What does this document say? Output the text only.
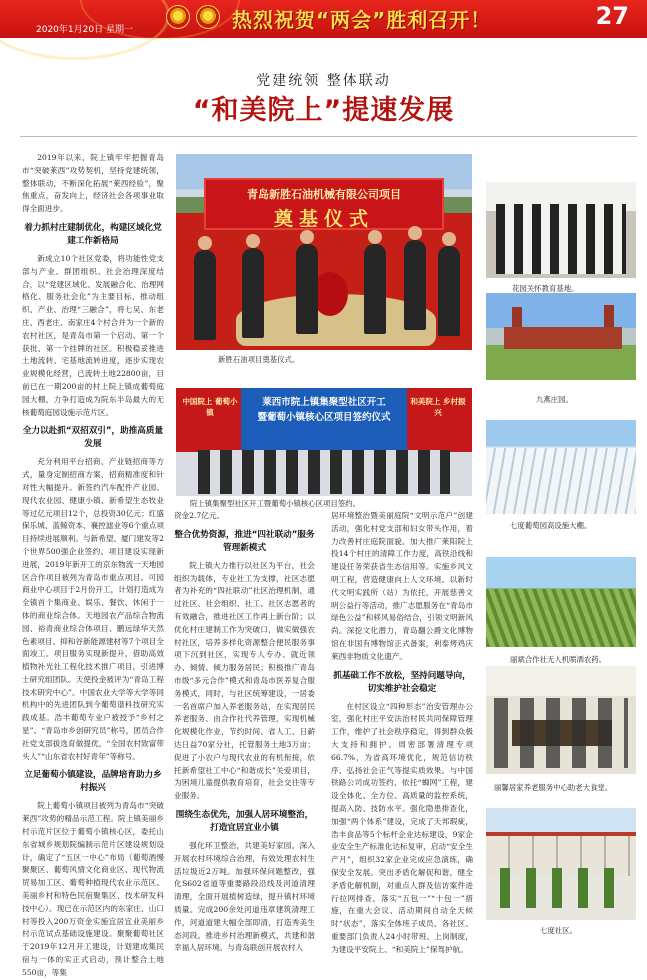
热烈祝贺“两会”胜利召开！	27
2020年1月20日 星期一
党建统领 整体联动
“和美院上”提速发展

2019年以来，院上镇牢牢把握青岛市“突破莱西”攻势契机，坚持党建统领，整体联动，不断深化拓展“莱西经验”，聚焦重点，奋发向上，经济社会各项事业取得全面进步。

着力抓村庄建制优化，构建区域化党建工作新格局

新成立10个社区党委，将功能性党支部与产业、群团组织、社会治理深度结合，以“党建区域化、发展融合化、治理网格化、服务社会化”为主要目标，推动组织、产业、治理“三融合”，将七吴、东老庄、西老庄、南家庄4个村合并为一个新的农村社区，是青岛市第一个启动、第一个获批、第一个挂牌的社区。积极稳妥推进土地流转、宅基地流转进度，逐步实现农业规模化经营，已流转土地22800亩，目前已在一期200亩的村上院上镇成葡萄庭园大棚，力争打造成为院东半岛最大的无核葡萄庭园设施示范片区。

全力以赴抓“双招双引”，助推高质量发展

充分利用平台招商、产业链招商等方式，量身定制招商方案，招商精准度和针对性大幅提升。新签约汽车配件产业园、现代农业园、健康小镇、新希望生态牧业等过亿元项目12个，总投资30亿元；红盛保乐城、蓝鲸资本、襄控滤业等6个重点项目持续进展顺利。与新希望、厦门建发等2个世界500强企业签约。项目建设实现新进展，2019年新开工的京东物流一天地园区合作项目被列为青岛市重点项目。可园商业中心项目于2月份开工，计划打造成为全镇首个集商业、娱乐、餐饮、休闲于一体的商业综合体。天地园农产品综合物流园、裕青商业综合体项目、鹏远绿华天然色素项目、抑和谷新能源建材等7个项目全面竣工。项目服务实现新提升，借助高效植物补光社工程化技术推广项目，引进博士研究组团队。天使投金被评为“青岛工程技术研究中心”。中国农业大学等大学等同机构中的先进团队到今葡萄谱科技研究实践成基。浩丰葡萄专业户被授予“乡村之星”、“青岛市乡创研究员”称号，团员合作社党支部拔选育做提优，“全国农村致富带头人”“山东省农村好青年”等称号。

立足葡萄小镇建设，品牌培育助力乡村振兴

院上葡萄小镇项目被列为青岛市“突破莱西”攻势的精品示范工程。院上镇美丽乡村示范片区位于葡萄小镇核心区，委托山东省城乡规划院编制示范片区建设规划设计，确定了“五区一中心”布局（葡萄酒慢聚聚区、葡萄风情文化商业区、现代物流贸易加工区、葡萄种植现代农业示范区、美丽乡村和特色民宿聚集区、技术研发科技中心）。现已在示范区内的东家庄、山口村等投入200万资金实施宜居宜业美丽乡村示范试点基础设施建设。聚聚葡萄社区于2019年12月开工建设，计划建成集民宿与一体的实正式启动，预计整合土地550亩，等集

青岛新胜石油机械有限公司项目
奠基仪式
新胜石油项目奠基仪式。
中国院上 葡萄小镇
莱西市院上镇集聚型社区开工
暨葡萄小镇核心区项目签约仪式
和美院上 乡村振兴
院上镇集聚型社区开工暨葡萄小镇核心区项目签约。

资金2.7亿元。

整合优势资源，推进“四社联动”服务管理新模式

院上镇大力推行以社区为平台，社会组织为载体，专业社工为支撑，社区志愿者为补充的“四社联动”社区治理机制，通过社区、社会组织、社工、社区志愿者的有效融合，推进社区工作再上新台阶；以优化村庄建制工作为突破口，做实做强农村社区，培养多样化资源整合便民服务事项下沉到社区，实现专人专办、就近领办、倾情、倾力服务居民；积极推广青岛市级“多元合作”模式和青岛市医养复合服务模式，同时，与社区统筹建设，一居委一名首席户加入养老服务站，在实现居民养老服务、由合作社代养管理，实现机械化规模化作业，节约时间、省人工、日薪达日益70家分社，托管服务土地3万亩；促进了小农户与现代农业的有机衔接，依托新希望社工中心“和谐成长”关爱项目，为困境儿童提供教育培育，社会交往等专业服务。

围绕生态优先，加强人居环境整治，打造宜居宜业小镇

强化环卫整治，共建美好家园。深入开展农村环境综合治理，有效处理农村生活垃圾近2万吨。加强环保问题整改，强化S602省道等重要路段沿线及河道清理清理，全面开展植树造绿，提升镇村环境质量。完成200余处河道违章建筑清理工作，河道道建大幅全部即清，打造秀美生态河段。推进乡村治理新模式，共建和谐幸福人居环境。与青岛联创开展农村人

居环境整治暨美丽庭院“文明示范户”创建活动，强化村党支部和妇女带头作用，着力改善村庄庭院面貌。加大推广莱阳院上投14个村庄的清障工作力度，高铁沿线和建设任务荣获省生态信用等。实施乡风文明工程，营造健康向上人文环境。以新时代文明实践所（站）为依托，开展慈善文明公益行等活动，推广志愿服务在“青岛市绿色公益”和移风易俗结合，引领文明新风尚。深挖文化潜力，青岛翻公爵文化博物馆在非国有博物馆正式备案，利泰烤鸡庆莱西非物质文化遗产。

抓基础工作不放松，坚持问题导向，切实维护社会稳定

在村区设立“四种形态”治安管理办公室，强化村庄平安法治村民共同保障管理工作，维护了社会秩序稳定，得到群众极大支持和拥护。周密部署清理专项66.7%，为省高环境优化，规范信访秩序、弘扬社会正气等提实质效果。与中国铁路公司成功签约，依托“蜘网”工程，建设全体化、全方位、高质量的监控系统，提高入防、技防水平。强化隐患排查化，加强“两个体系”建设，完成了天邦瑕疵，浩丰食品等5个标杆企业达标建设，9家企业安全生产标准化达标复审，启动“安全生产月”，组织32家企业完成应急演练，确保安全发展。突出矛盾化解促和谐，健全矛盾化解机制，对重点人群及信访案件进行拉网排查，落实“五包一”“十包一”措施，在重大会议、活动期间自动全天候时“状态”，落实全体班子成员、各社区、重要部门负责人24小时带班、上岗制度，为建设平安院上、“和美院上”保驾护航。

花园关怀教育基地。
九燕庄园。
七度葡萄园高设施大棚。
丽斌合作社无人机喷洒农药。
丽馨居家养老服务中心助老大食堂。
七度社区。
